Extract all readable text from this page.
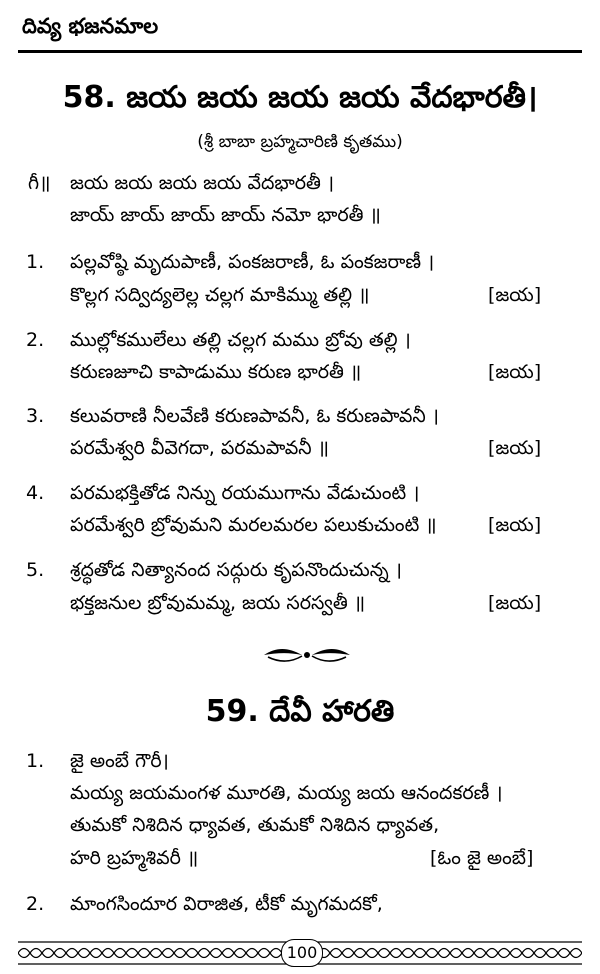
దివ్య భజనమాల
58. జయ జయ జయ జయ వేదభారతీ।
(శ్రీ బాబా బ్రహ్మచారిణి కృతము)
గీ॥ జయ జయ జయ జయ వేదభారతీ ।
జాయ్ జాయ్ జాయ్ జాయ్ నమో భారతీ ॥
1. పల్లవోష్ఠి మృదుపాణీ, పంకజరాణీ, ఓ పంకజరాణీ ।
కొల్లగ సద్విద్యలెల్ల చల్లగ మాకిమ్ము తల్లి ॥	[జయ]
2. ముల్లోకములేలు తల్లి చల్లగ మము బ్రోవు తల్లి ।
కరుణజూచి కాపాడుము కరుణ భారతీ ॥	[జయ]
3. కలువరాణి నీలవేణి కరుణపావనీ, ఓ కరుణపావనీ ।
పరమేశ్వరి వీవెగదా, పరమపావనీ ॥	[జయ]
4. పరమభక్తితోడ నిన్ను రయముగాను వేడుచుంటి ।
పరమేశ్వరి బ్రోవుమని మరలమరల పలుకుచుంటి ॥	[జయ]
5. శ్రద్ధతోడ నిత్యానంద సద్గురు కృపనొందుచున్న ।
భక్తజనుల బ్రోవుమమ్మ, జయ సరస్వతీ ॥	[జయ]
59. దేవీ హారతి
1. జై అంబే గౌరీ।
మయ్య జయమంగళ మూరతి, మయ్య జయ ఆనందకరణీ ।
తుమకో నిశిదిన ధ్యావత, తుమకో నిశిదిన ధ్యావత,
హరి బ్రహ్మశివరీ ॥	[ఓం జై అంబే]
2. మాంగసిందూర విరాజిత, టీకో మృగమదకో,
100
